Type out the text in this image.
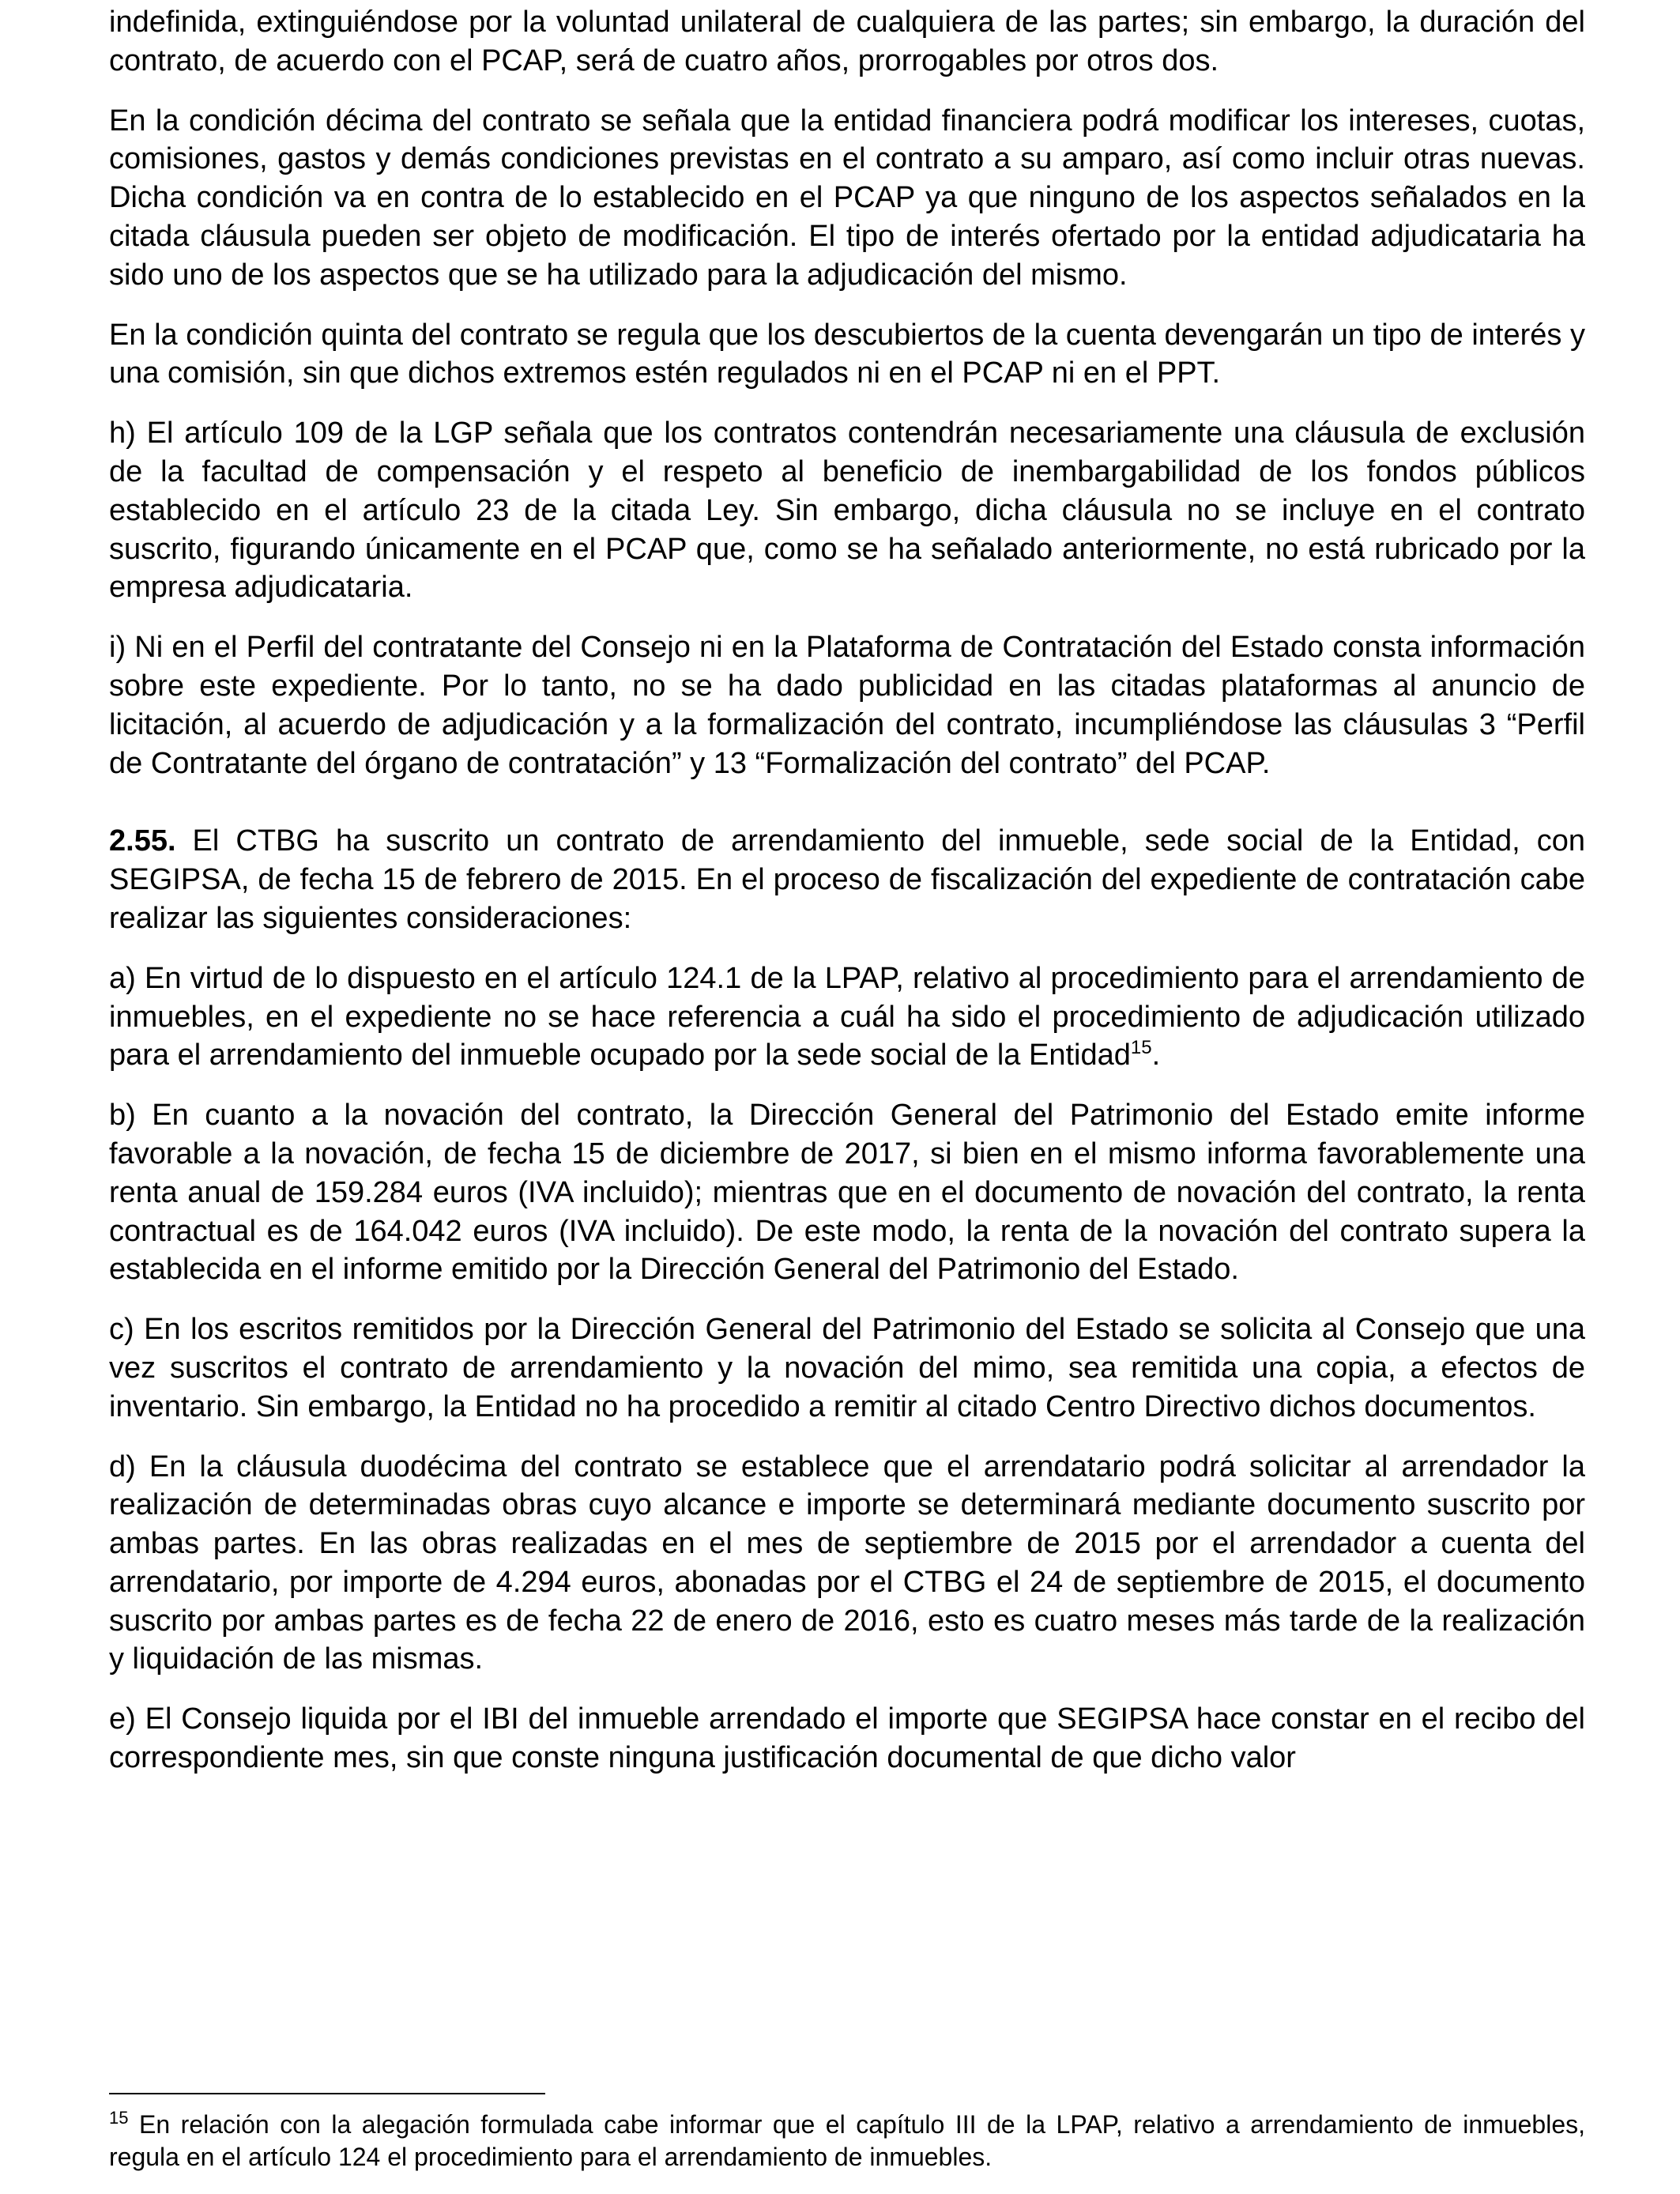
indefinida, extinguiéndose por la voluntad unilateral de cualquiera de las partes; sin embargo, la duración del contrato, de acuerdo con el PCAP, será de cuatro años, prorrogables por otros dos.

En la condición décima del contrato se señala que la entidad financiera podrá modificar los intereses, cuotas, comisiones, gastos y demás condiciones previstas en el contrato a su amparo, así como incluir otras nuevas. Dicha condición va en contra de lo establecido en el PCAP ya que ninguno de los aspectos señalados en la citada cláusula pueden ser objeto de modificación. El tipo de interés ofertado por la entidad adjudicataria ha sido uno de los aspectos que se ha utilizado para la adjudicación del mismo.

En la condición quinta del contrato se regula que los descubiertos de la cuenta devengarán un tipo de interés y una comisión, sin que dichos extremos estén regulados ni en el PCAP ni en el PPT.

h) El artículo 109 de la LGP señala que los contratos contendrán necesariamente una cláusula de exclusión de la facultad de compensación y el respeto al beneficio de inembargabilidad de los fondos públicos establecido en el artículo 23 de la citada Ley. Sin embargo, dicha cláusula no se incluye en el contrato suscrito, figurando únicamente en el PCAP que, como se ha señalado anteriormente, no está rubricado por la empresa adjudicataria.

i) Ni en el Perfil del contratante del Consejo ni en la Plataforma de Contratación del Estado consta información sobre este expediente. Por lo tanto, no se ha dado publicidad en las citadas plataformas al anuncio de licitación, al acuerdo de adjudicación y a la formalización del contrato, incumpliéndose las cláusulas 3 “Perfil de Contratante del órgano de contratación” y 13 “Formalización del contrato” del PCAP.

2.55. El CTBG ha suscrito un contrato de arrendamiento del inmueble, sede social de la Entidad, con SEGIPSA, de fecha 15 de febrero de 2015. En el proceso de fiscalización del expediente de contratación cabe realizar las siguientes consideraciones:

a) En virtud de lo dispuesto en el artículo 124.1 de la LPAP, relativo al procedimiento para el arrendamiento de inmuebles, en el expediente no se hace referencia a cuál ha sido el procedimiento de adjudicación utilizado para el arrendamiento del inmueble ocupado por la sede social de la Entidad$^{15}$.

b) En cuanto a la novación del contrato, la Dirección General del Patrimonio del Estado emite informe favorable a la novación, de fecha 15 de diciembre de 2017, si bien en el mismo informa favorablemente una renta anual de 159.284 euros (IVA incluido); mientras que en el documento de novación del contrato, la renta contractual es de 164.042 euros (IVA incluido). De este modo, la renta de la novación del contrato supera la establecida en el informe emitido por la Dirección General del Patrimonio del Estado.

c) En los escritos remitidos por la Dirección General del Patrimonio del Estado se solicita al Consejo que una vez suscritos el contrato de arrendamiento y la novación del mimo, sea remitida una copia, a efectos de inventario. Sin embargo, la Entidad no ha procedido a remitir al citado Centro Directivo dichos documentos.

d) En la cláusula duodécima del contrato se establece que el arrendatario podrá solicitar al arrendador la realización de determinadas obras cuyo alcance e importe se determinará mediante documento suscrito por ambas partes. En las obras realizadas en el mes de septiembre de 2015 por el arrendador a cuenta del arrendatario, por importe de 4.294 euros, abonadas por el CTBG el 24 de septiembre de 2015, el documento suscrito por ambas partes es de fecha 22 de enero de 2016, esto es cuatro meses más tarde de la realización y liquidación de las mismas.

e) El Consejo liquida por el IBI del inmueble arrendado el importe que SEGIPSA hace constar en el recibo del correspondiente mes, sin que conste ninguna justificación documental de que dicho valor

$^{15}$ En relación con la alegación formulada cabe informar que el capítulo III de la LPAP, relativo a arrendamiento de inmuebles, regula en el artículo 124 el procedimiento para el arrendamiento de inmuebles.
